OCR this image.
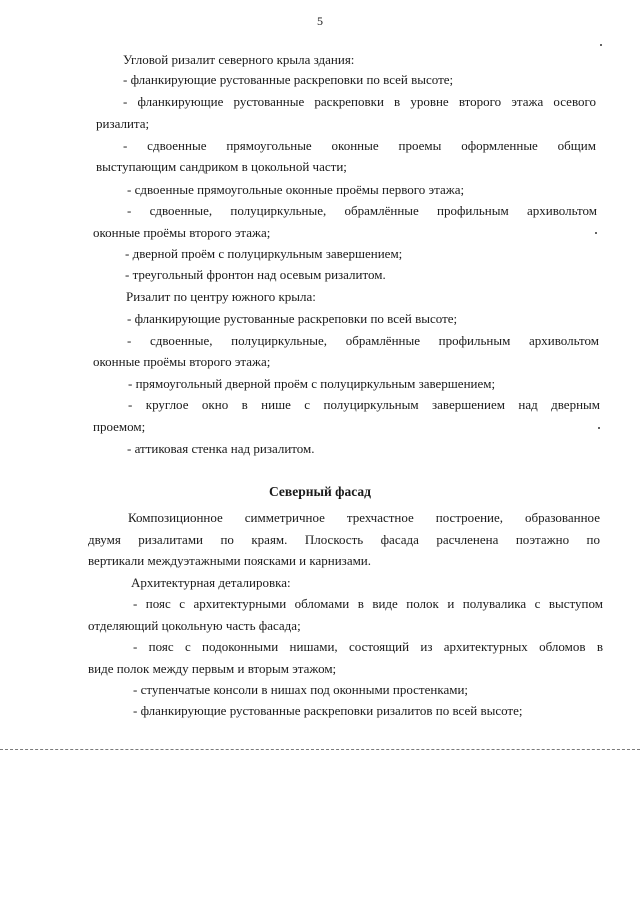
5
Угловой ризалит северного крыла здания:
- фланкирующие рустованные раскреповки по всей высоте;
- фланкирующие рустованные раскреповки в уровне второго этажа осевого
ризалита;
- сдвоенные прямоугольные оконные проемы оформленные общим
выступающим сандриком в цокольной части;
- сдвоенные прямоугольные оконные проёмы первого этажа;
- сдвоенные, полуциркульные, обрамлённые профильным архивольтом
оконные проёмы второго этажа;
- дверной проём с полуциркульным завершением;
- треугольный фронтон над осевым ризалитом.
Ризалит по центру южного крыла:
- фланкирующие рустованные раскреповки по всей высоте;
- сдвоенные, полуциркульные, обрамлённые профильным архивольтом
оконные проёмы второго этажа;
- прямоугольный дверной проём с полуциркульным завершением;
- круглое окно в нише с полуциркульным завершением над дверным
проемом;
- аттиковая стенка над ризалитом.
Северный фасад
Композиционное симметричное трехчастное построение, образованное
двумя ризалитами по краям. Плоскость фасада расчленена поэтажно по
вертикали междуэтажными поясками и карнизами.
Архитектурная деталировка:
- пояс с архитектурными обломами в виде полок и полувалика с выступом
отделяющий цокольную часть фасада;
- пояс с подоконными нишами, состоящий из архитектурных обломов в
виде полок между первым и вторым этажом;
- ступенчатые консоли в нишах под оконными простенками;
- фланкирующие рустованные раскреповки ризалитов по всей высоте;
